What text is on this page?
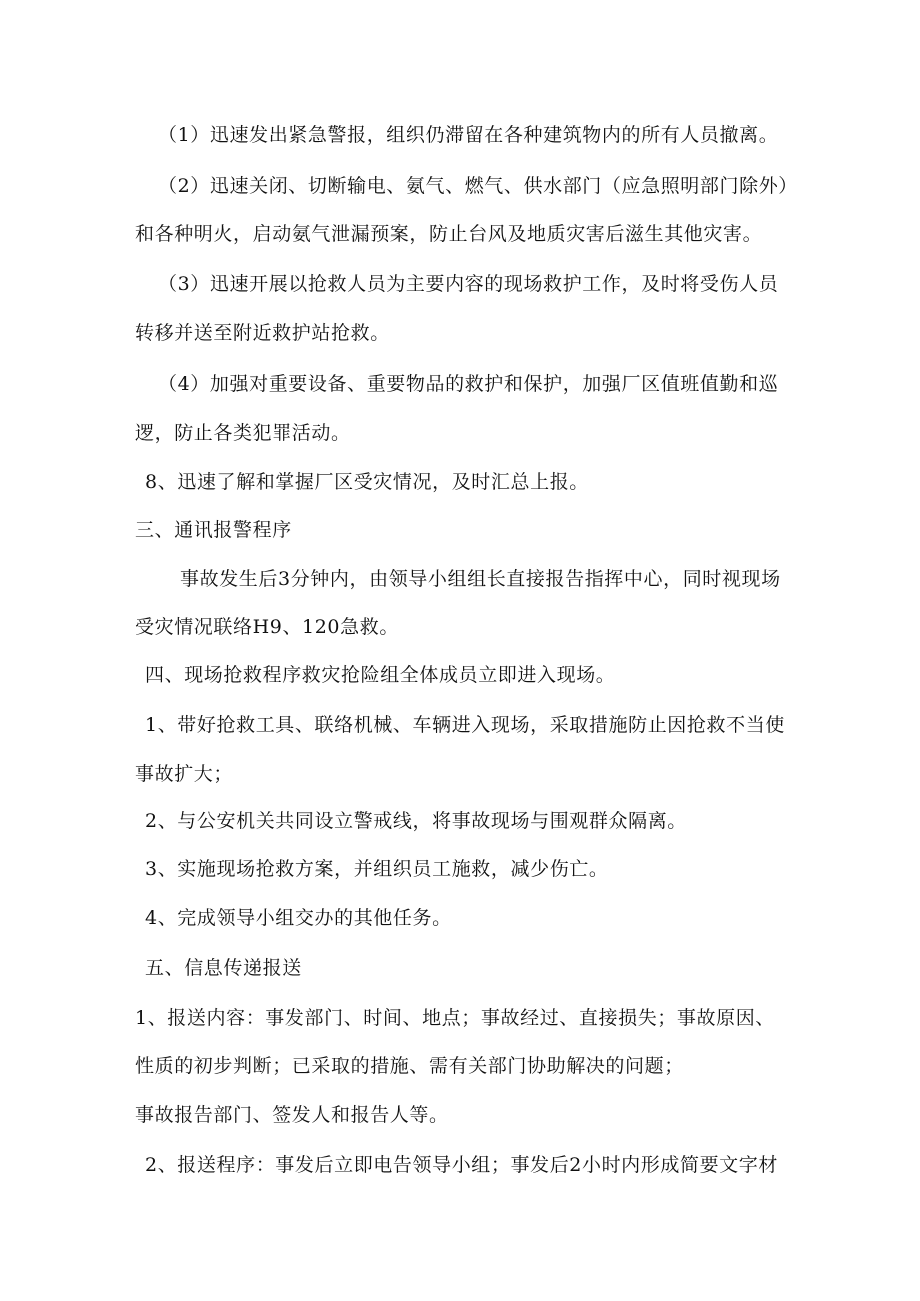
（1）迅速发出紧急警报，组织仍滞留在各种建筑物内的所有人员撤离。
（2）迅速关闭、切断输电、氨气、燃气、供水部门（应急照明部门除外）
和各种明火，启动氨气泄漏预案，防止台风及地质灾害后滋生其他灾害。
（3）迅速开展以抢救人员为主要内容的现场救护工作，及时将受伤人员
转移并送至附近救护站抢救。
（4）加强对重要设备、重要物品的救护和保护，加强厂区值班值勤和巡
逻，防止各类犯罪活动。
8、迅速了解和掌握厂区受灾情况，及时汇总上报。
三、通讯报警程序
事故发生后3分钟内，由领导小组组长直接报告指挥中心，同时视现场
受灾情况联络H9、120急救。
四、现场抢救程序救灾抢险组全体成员立即进入现场。
1、带好抢救工具、联络机械、车辆进入现场，采取措施防止因抢救不当使
事故扩大；
2、与公安机关共同设立警戒线，将事故现场与围观群众隔离。
3、实施现场抢救方案，并组织员工施救，减少伤亡。
4、完成领导小组交办的其他任务。
五、信息传递报送
1、报送内容：事发部门、时间、地点；事故经过、直接损失；事故原因、
性质的初步判断；已采取的措施、需有关部门协助解决的问题；
事故报告部门、签发人和报告人等。
2、报送程序：事发后立即电告领导小组；事发后2小时内形成简要文字材
